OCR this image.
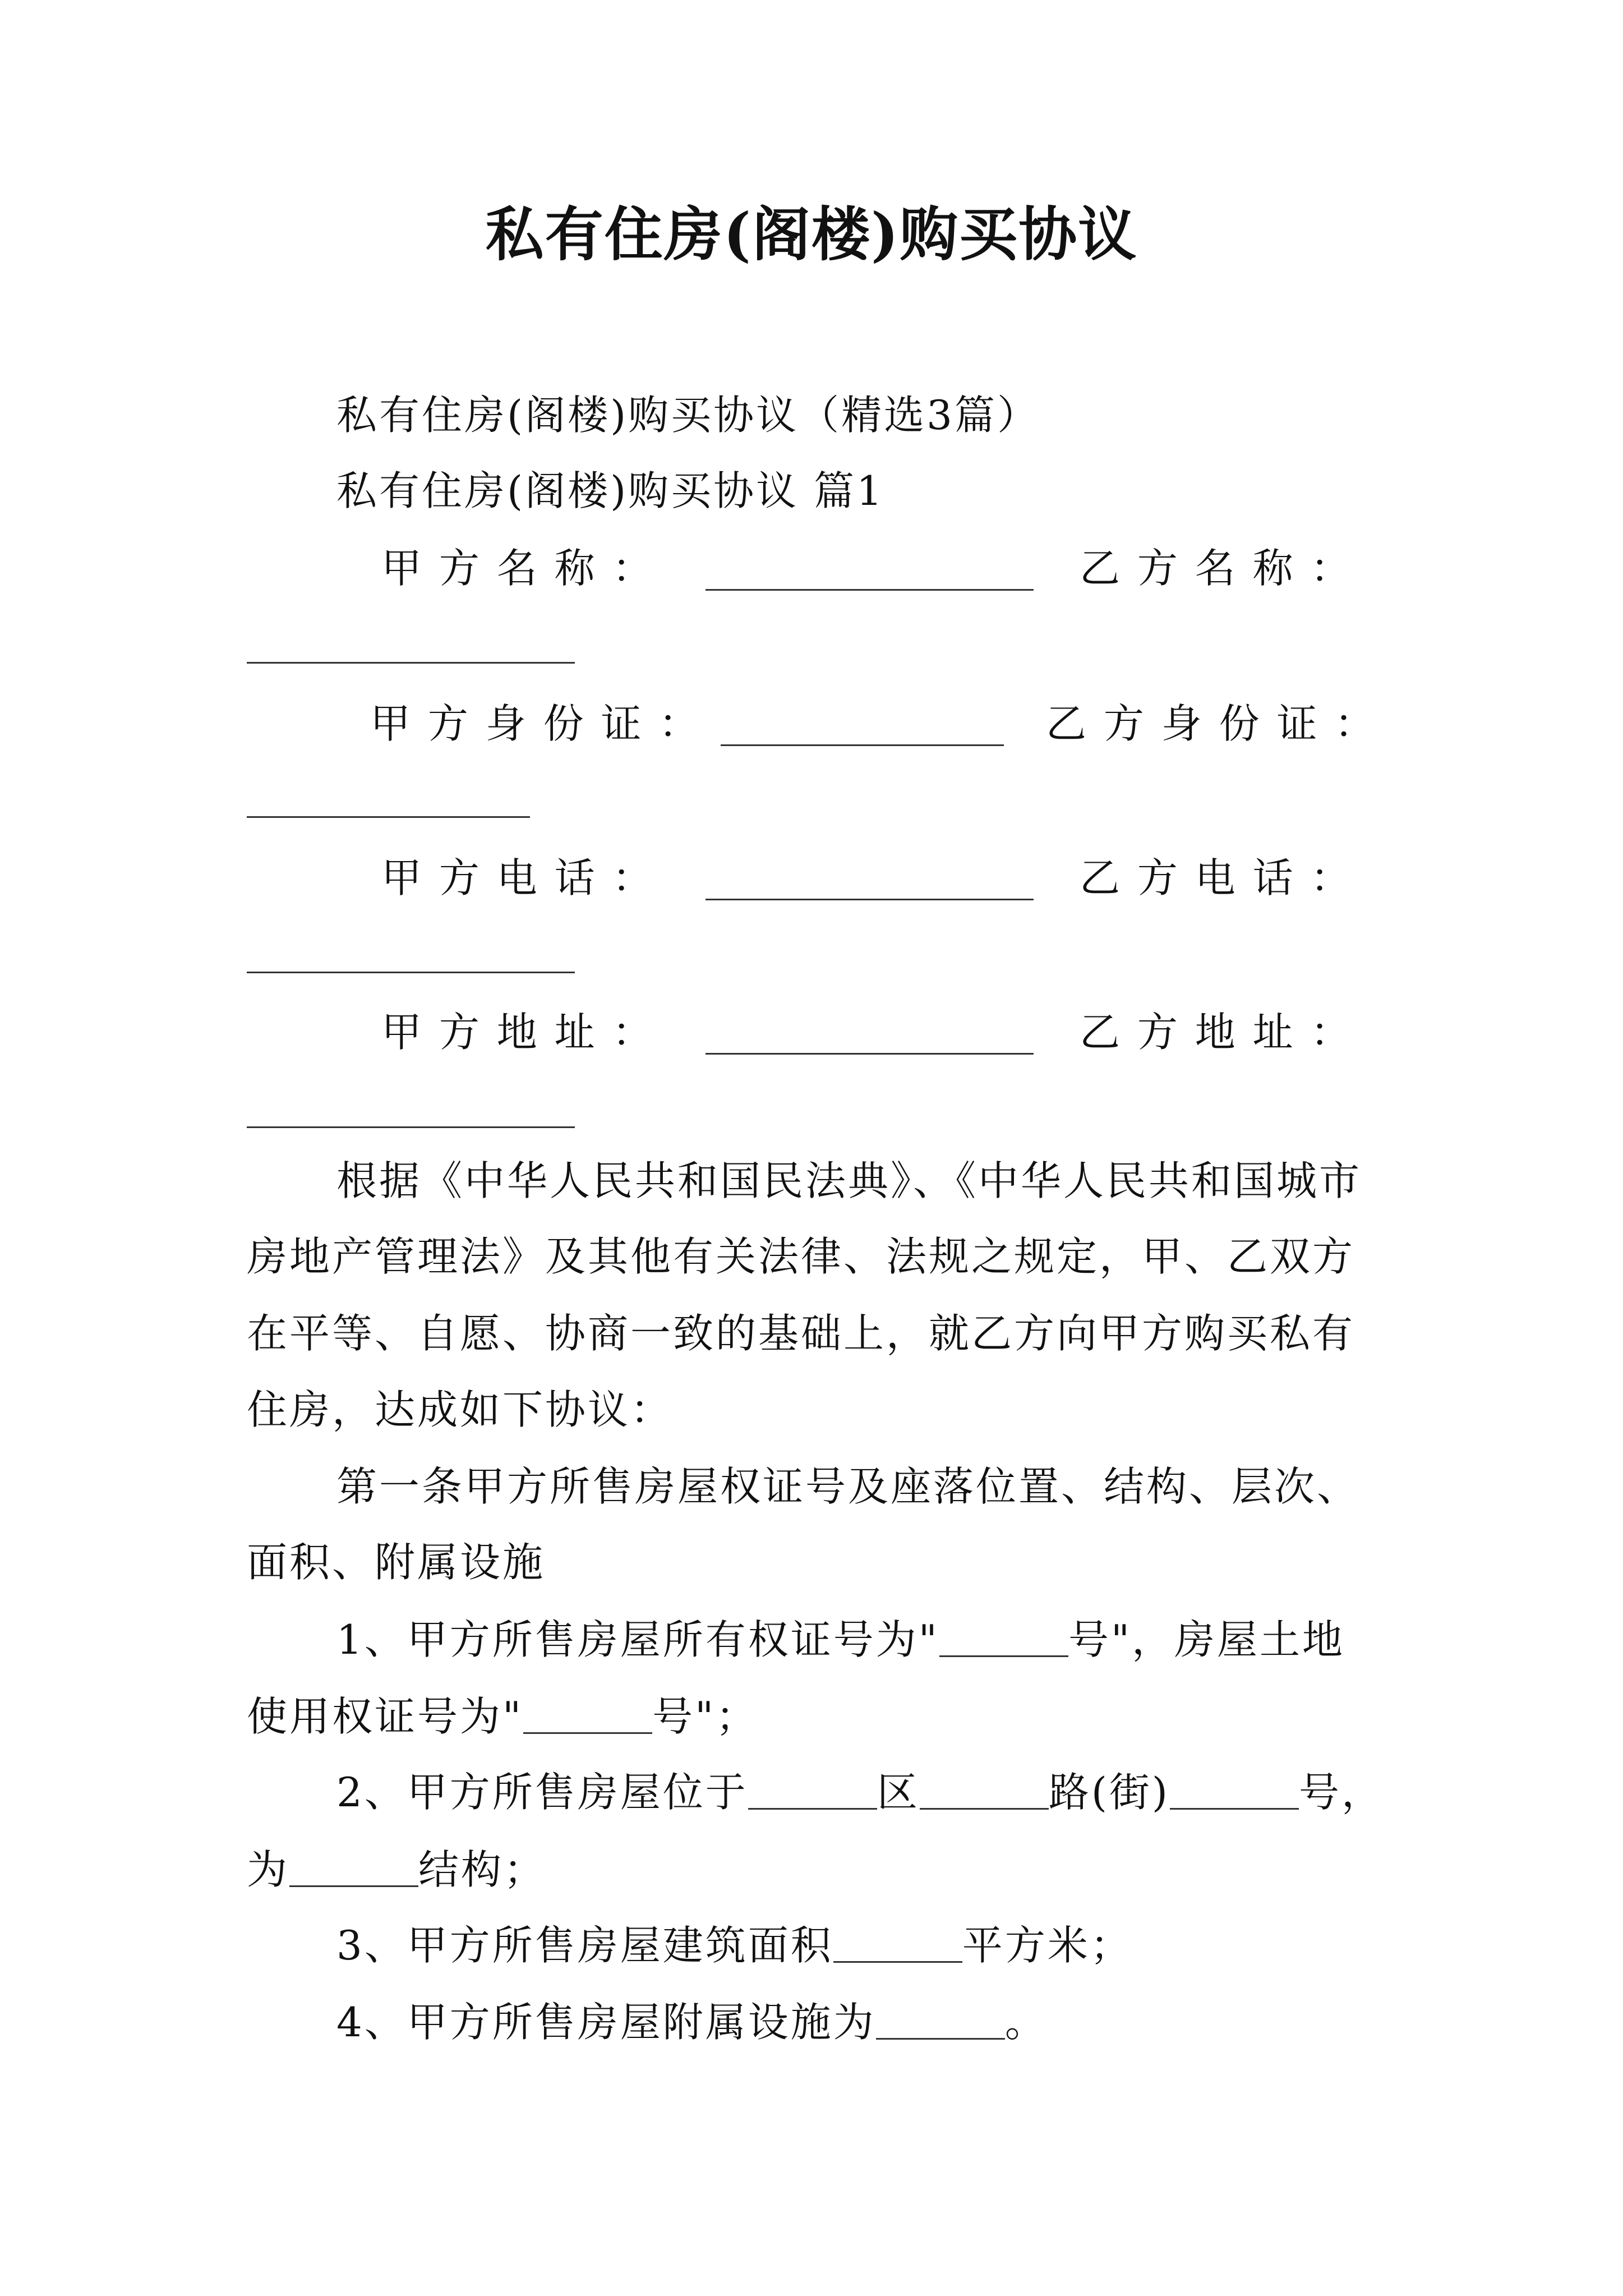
私有住房(阁楼)购买协议
私有住房(阁楼)购买协议（精选3篇）
私有住房(阁楼)购买协议 篇1
甲 方 名 称 ：	乙 方 名 称 ：
甲 方 身 份 证 ：	乙 方 身 份 证 ：
甲 方 电 话 ：	乙 方 电 话 ：
甲 方 地 址 ：	乙 方 地 址 ：
根据《中华人民共和国民法典》、《中华人民共和国城市
房地产管理法》及其他有关法律、法规之规定，甲、乙双方
在平等、自愿、协商一致的基础上，就乙方向甲方购买私有
住房，达成如下协议：
第一条甲方所售房屋权证号及座落位置、结构、层次、
面积、附属设施
1、甲方所售房屋所有权证号为"	号"，房屋土地
使用权证号为"	号"；
2、甲方所售房屋位于	区	路(街)	号，
为	结构；
3、甲方所售房屋建筑面积	平方米；
4、甲方所售房屋附属设施为	。
